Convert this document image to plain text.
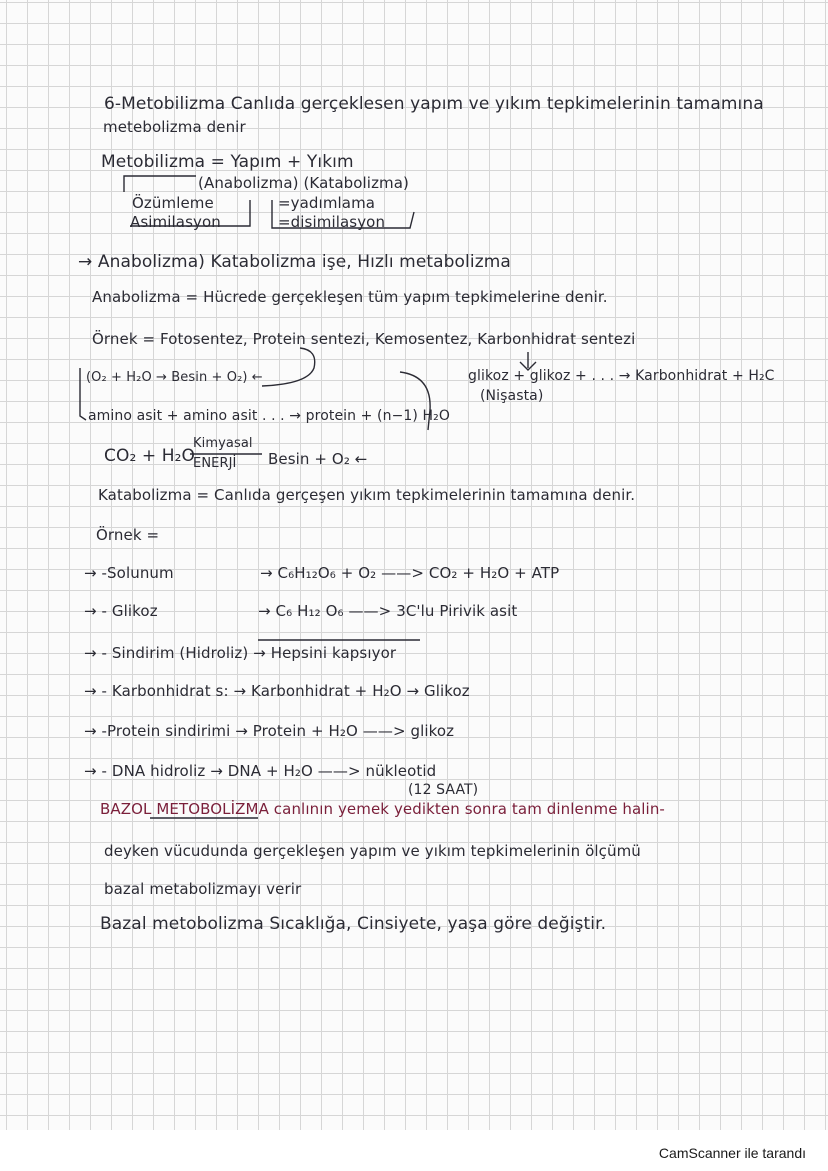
6-Metobilizma Canlıda gerçeklesen yapım ve yıkım tepkimelerinin tamamına
metebolizma denir
Metobilizma = Yapım + Yıkım
(Anabolizma) (Katabolizma)
Özümleme
Asimilasyon
=yadımlama
=disimilasyon
→ Anabolizma) Katabolizma işe, Hızlı metabolizma
Anabolizma = Hücrede gerçekleşen tüm yapım tepkimelerine denir.
Örnek = Fotosentez, Protein sentezi, Kemosentez, Karbonhidrat sentezi
(O₂ + H₂O → Besin + O₂) ←	glikoz + glikoz + . . . → Karbonhidrat + H₂C
(Nişasta)
amino asit + amino asit . . . → protein + (n−1) H₂O
CO₂ + H₂O
Kimyasal
ENERJİ Besin + O₂ ←
Katabolizma = Canlıda gerçeşen yıkım tepkimelerinin tamamına denir.
Örnek =
→ -Solunum	→ C₆H₁₂O₆ + O₂ ——> CO₂ + H₂O + ATP
→ - Glikoz	→ C₆ H₁₂ O₆ ——> 3C'lu Pirivik asit
→ - Sindirim (Hidroliz) → Hepsini kapsıyor
→ - Karbonhidrat s: → Karbonhidrat + H₂O → Glikoz
→ -Protein sindirimi → Protein + H₂O ——> glikoz
→ - DNA hidroliz → DNA + H₂O ——> nükleotid
(12 SAAT)
BAZOL METOBOLİZMA canlının yemek yedikten sonra tam dinlenme halin-
deyken vücudunda gerçekleşen yapım ve yıkım tepkimelerinin ölçümü
bazal metabolizmayı verir
Bazal metobolizma Sıcaklığa, Cinsiyete, yaşa göre değiştir.
CamScanner ile tarandı
